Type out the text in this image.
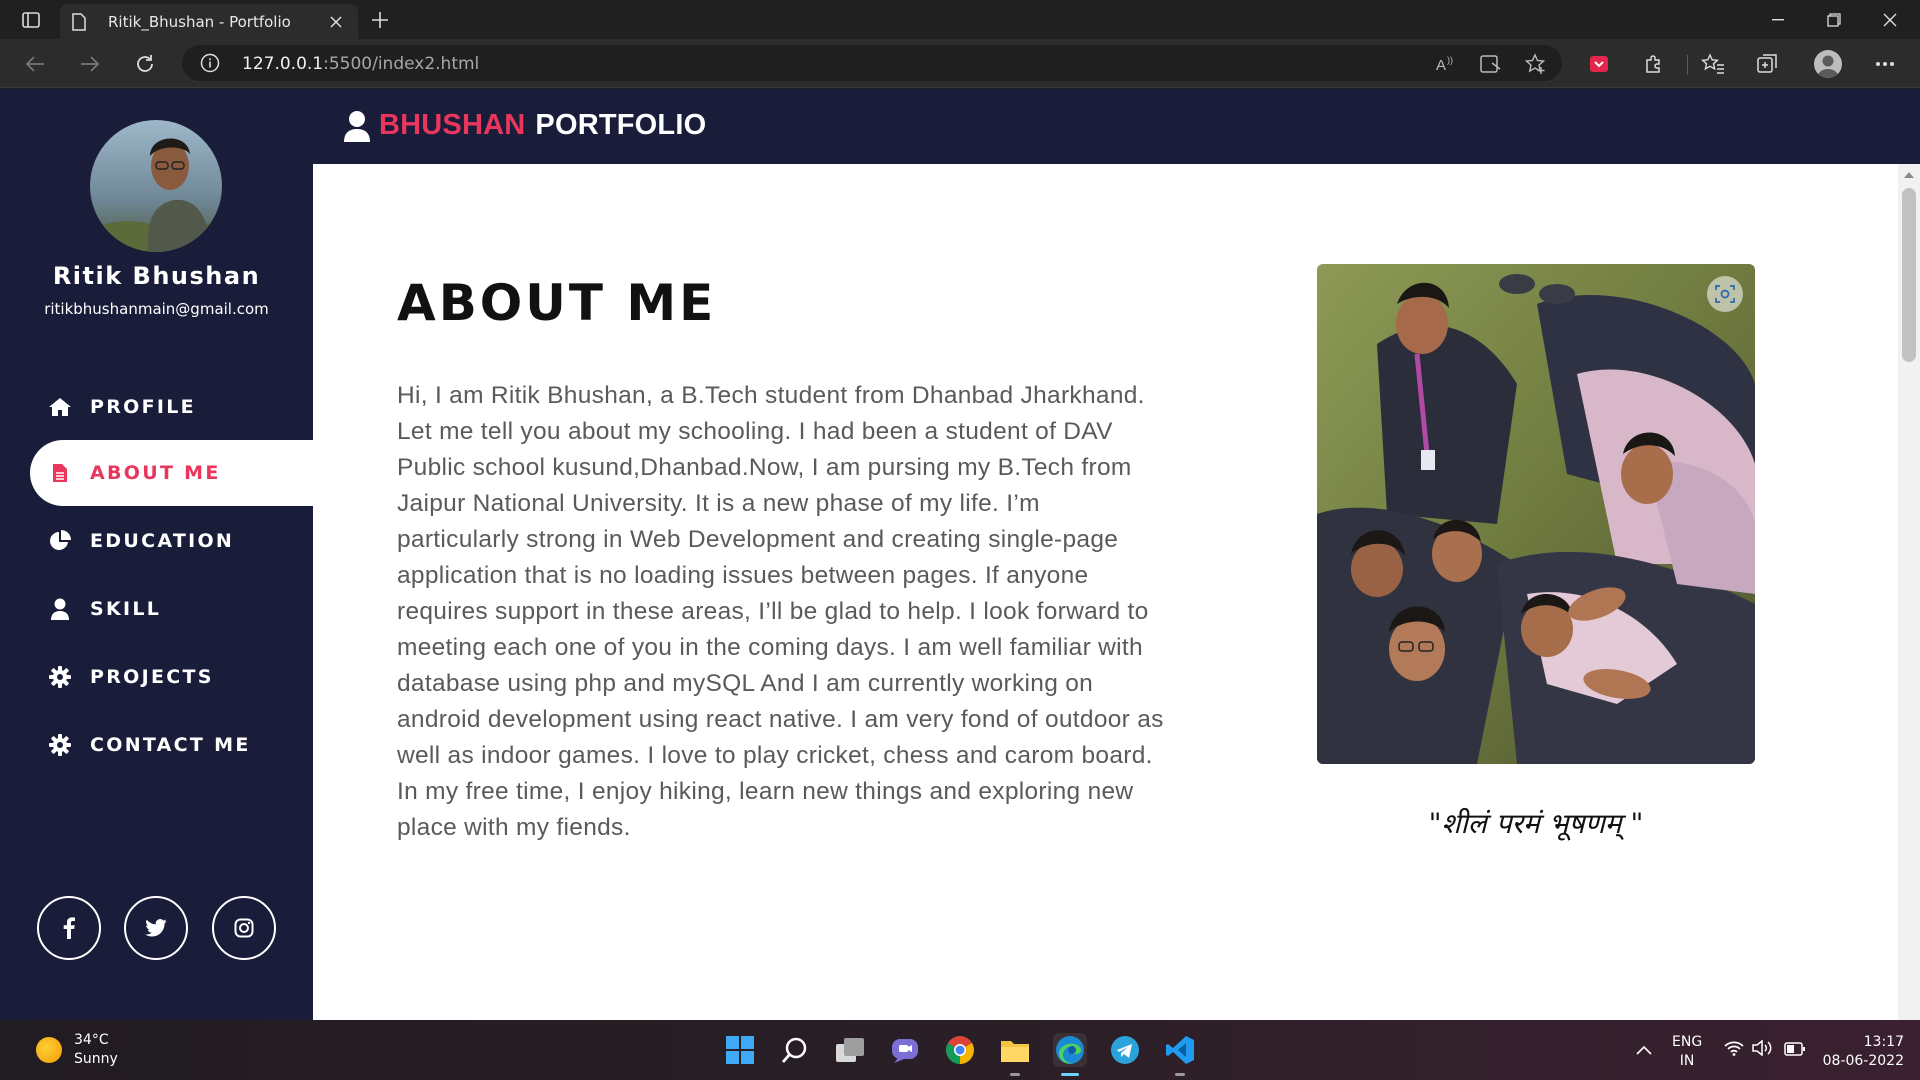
Ritik_Bhushan - Portfolio
127.0.0.1:5500/index2.html	A ))
BHUSHAN PORTFOLIO
Ritik Bhushan
ritikbhushanmain@gmail.com
PROFILE
ABOUT ME
EDUCATION
SKILL
PROJECTS
CONTACT ME
ABOUT ME

Hi, I am Ritik Bhushan, a B.Tech student from Dhanbad Jharkhand. Let me tell you about my schooling. I had been a student of DAV Public school kusund,Dhanbad.Now, I am pursing my B.Tech from Jaipur National University. It is a new phase of my life. I’m particularly strong in Web Development and creating single-page application that is no loading issues between pages. If anyone requires support in these areas, I’ll be glad to help. I look forward to meeting each one of you in the coming days. I am well familiar with database using php and mySQL And I am currently working on android development using react native. I am very fond of outdoor as well as indoor games. I love to play cricket, chess and carom board. In my free time, I enjoy hiking, learn new things and exploring new place with my fiends.	"शीलं परमं भूषणम् "
34°C
Sunny
ENG
IN
13:17
08-06-2022
